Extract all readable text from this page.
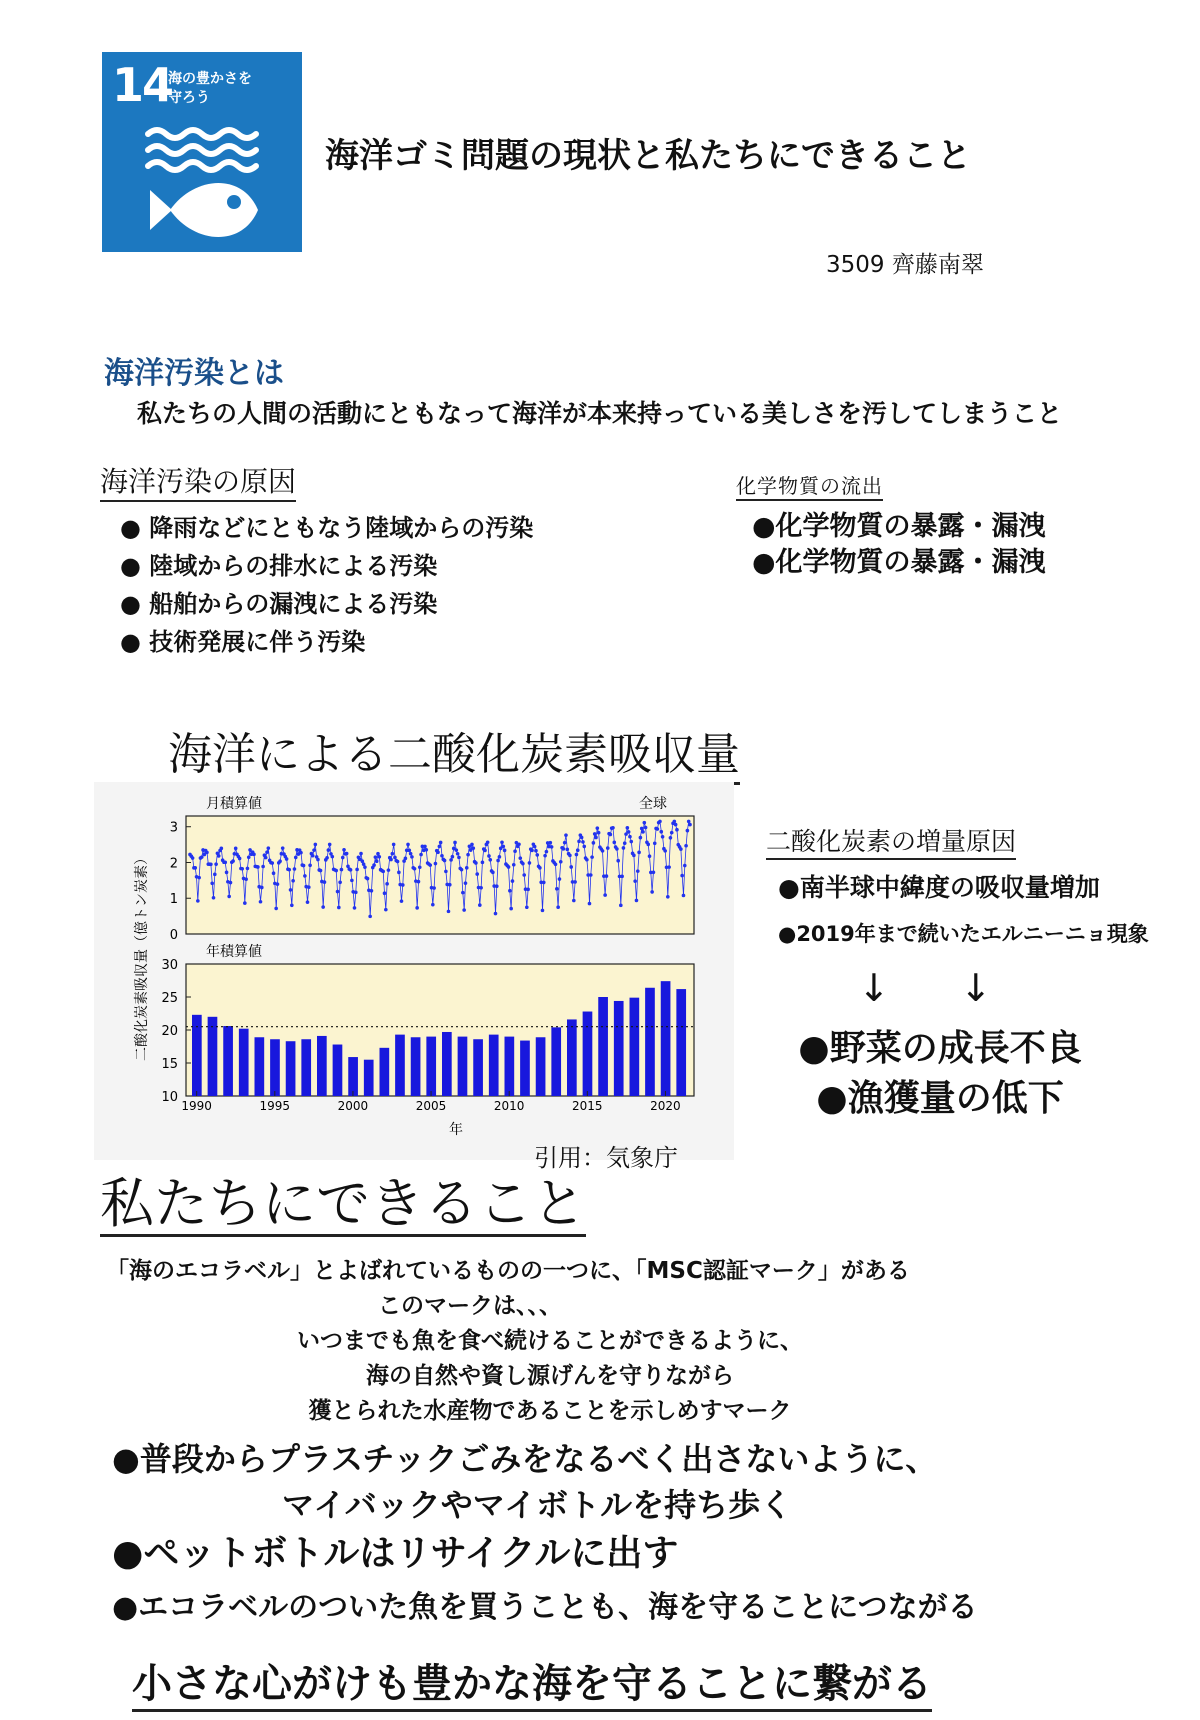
14
海の豊かさを
守ろう
海洋ゴミ問題の現状と私たちにできること
3509 齊藤南翠
海洋汚染とは
私たちの人間の活動にともなって海洋が本来持っている美しさを汚してしまうこと
海洋汚染の原因
● 降雨などにともなう陸域からの汚染
● 陸域からの排水による汚染
● 船舶からの漏洩による汚染
● 技術発展に伴う汚染
化学物質の流出
●化学物質の暴露・漏洩
●化学物質の暴露・漏洩
海洋による二酸化炭素吸収量
月積算値	全球
0
1
2
3
年積算値
10
15
20
25
30
1990	1995	2000	2005	2010	2015	2020
年
二酸化炭素吸収量（億トン炭素）
引用：気象庁
二酸化炭素の増量原因
●南半球中緯度の吸収量増加
●2019年まで続いたエルニーニョ現象
↓↓
●野菜の成長不良
●漁獲量の低下
私たちにできること
「海のエコラベル」とよばれているものの一つに、「MSC認証マーク」がある
このマークは、、、
いつまでも魚を食べ続けることができるように、
海の自然や資し源げんを守りながら
獲とられた水産物であることを示しめすマーク
●普段からプラスチックごみをなるべく出さないように、
マイバックやマイボトルを持ち歩く
●ペットボトルはリサイクルに出す
●エコラベルのついた魚を買うことも、海を守ることにつながる
小さな心がけも豊かな海を守ることに繋がる
